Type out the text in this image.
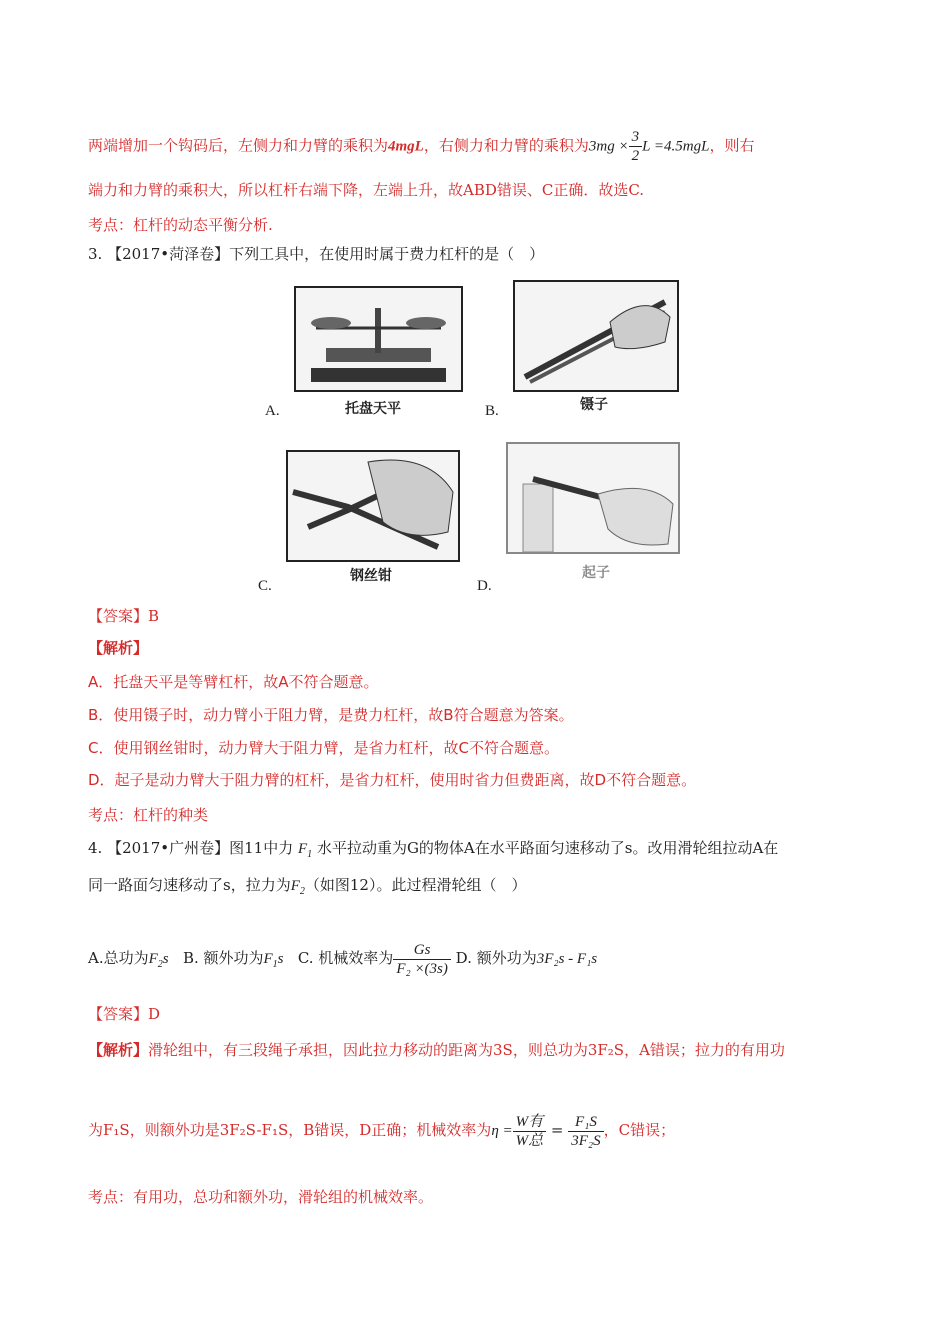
两端增加一个钩码后，左侧力和力臂的乘积为4mgL，右侧力和力臂的乘积为$3mg \times \frac{3}{2}$ L =4.5mgL，则右
端力和力臂的乘积大，所以杠杆右端下降，左端上升，故ABD错误、C正确．故选C.
考点：杠杆的动态平衡分析.
3. 【2017•菏泽卷】下列工具中，在使用时属于费力杠杆的是（　）
A.	托盘天平	B.	镊子
C.
钢丝钳
D.
起子
【答案】B
【解析】
A．托盘天平是等臂杠杆，故A不符合题意。
B．使用镊子时，动力臂小于阻力臂，是费力杠杆，故B符合题意为答案。
C．使用钢丝钳时，动力臂大于阻力臂，是省力杠杆，故C不符合题意。
D．起子是动力臂大于阻力臂的杠杆，是省力杠杆，使用时省力但费距离，故D不符合题意。
考点：杠杆的种类
4. 【2017•广州卷】图11中力 $F_1$ 水平拉动重为G的物体A在水平路面匀速移动了s。改用滑轮组拉动A在
同一路面匀速移动了s，拉力为$F_2$（如图12）。此过程滑轮组（　）
A.总功为$F_2s$ B. 额外功为$F_1s$ C. 机械效率为 $\frac{Gs}{\text{F₂ ×(3s)}} D$. 额外功为3F₂s - F₁s
【答案】D
【解析】滑轮组中，有三段绳子承担，因此拉力移动的距离为3S，则总功为3F₂S，A错误；拉力的有用功
为F₁S，则额外功是3F₂S-F₁S，B错误，D正确；机械效率为$\eta = \frac{\text{W有}}{\text{W总}} = \frac{\text{F₁S}}{\text{3F₂S}}$ ，C错误；
考点：有用功，总功和额外功，滑轮组的机械效率。
